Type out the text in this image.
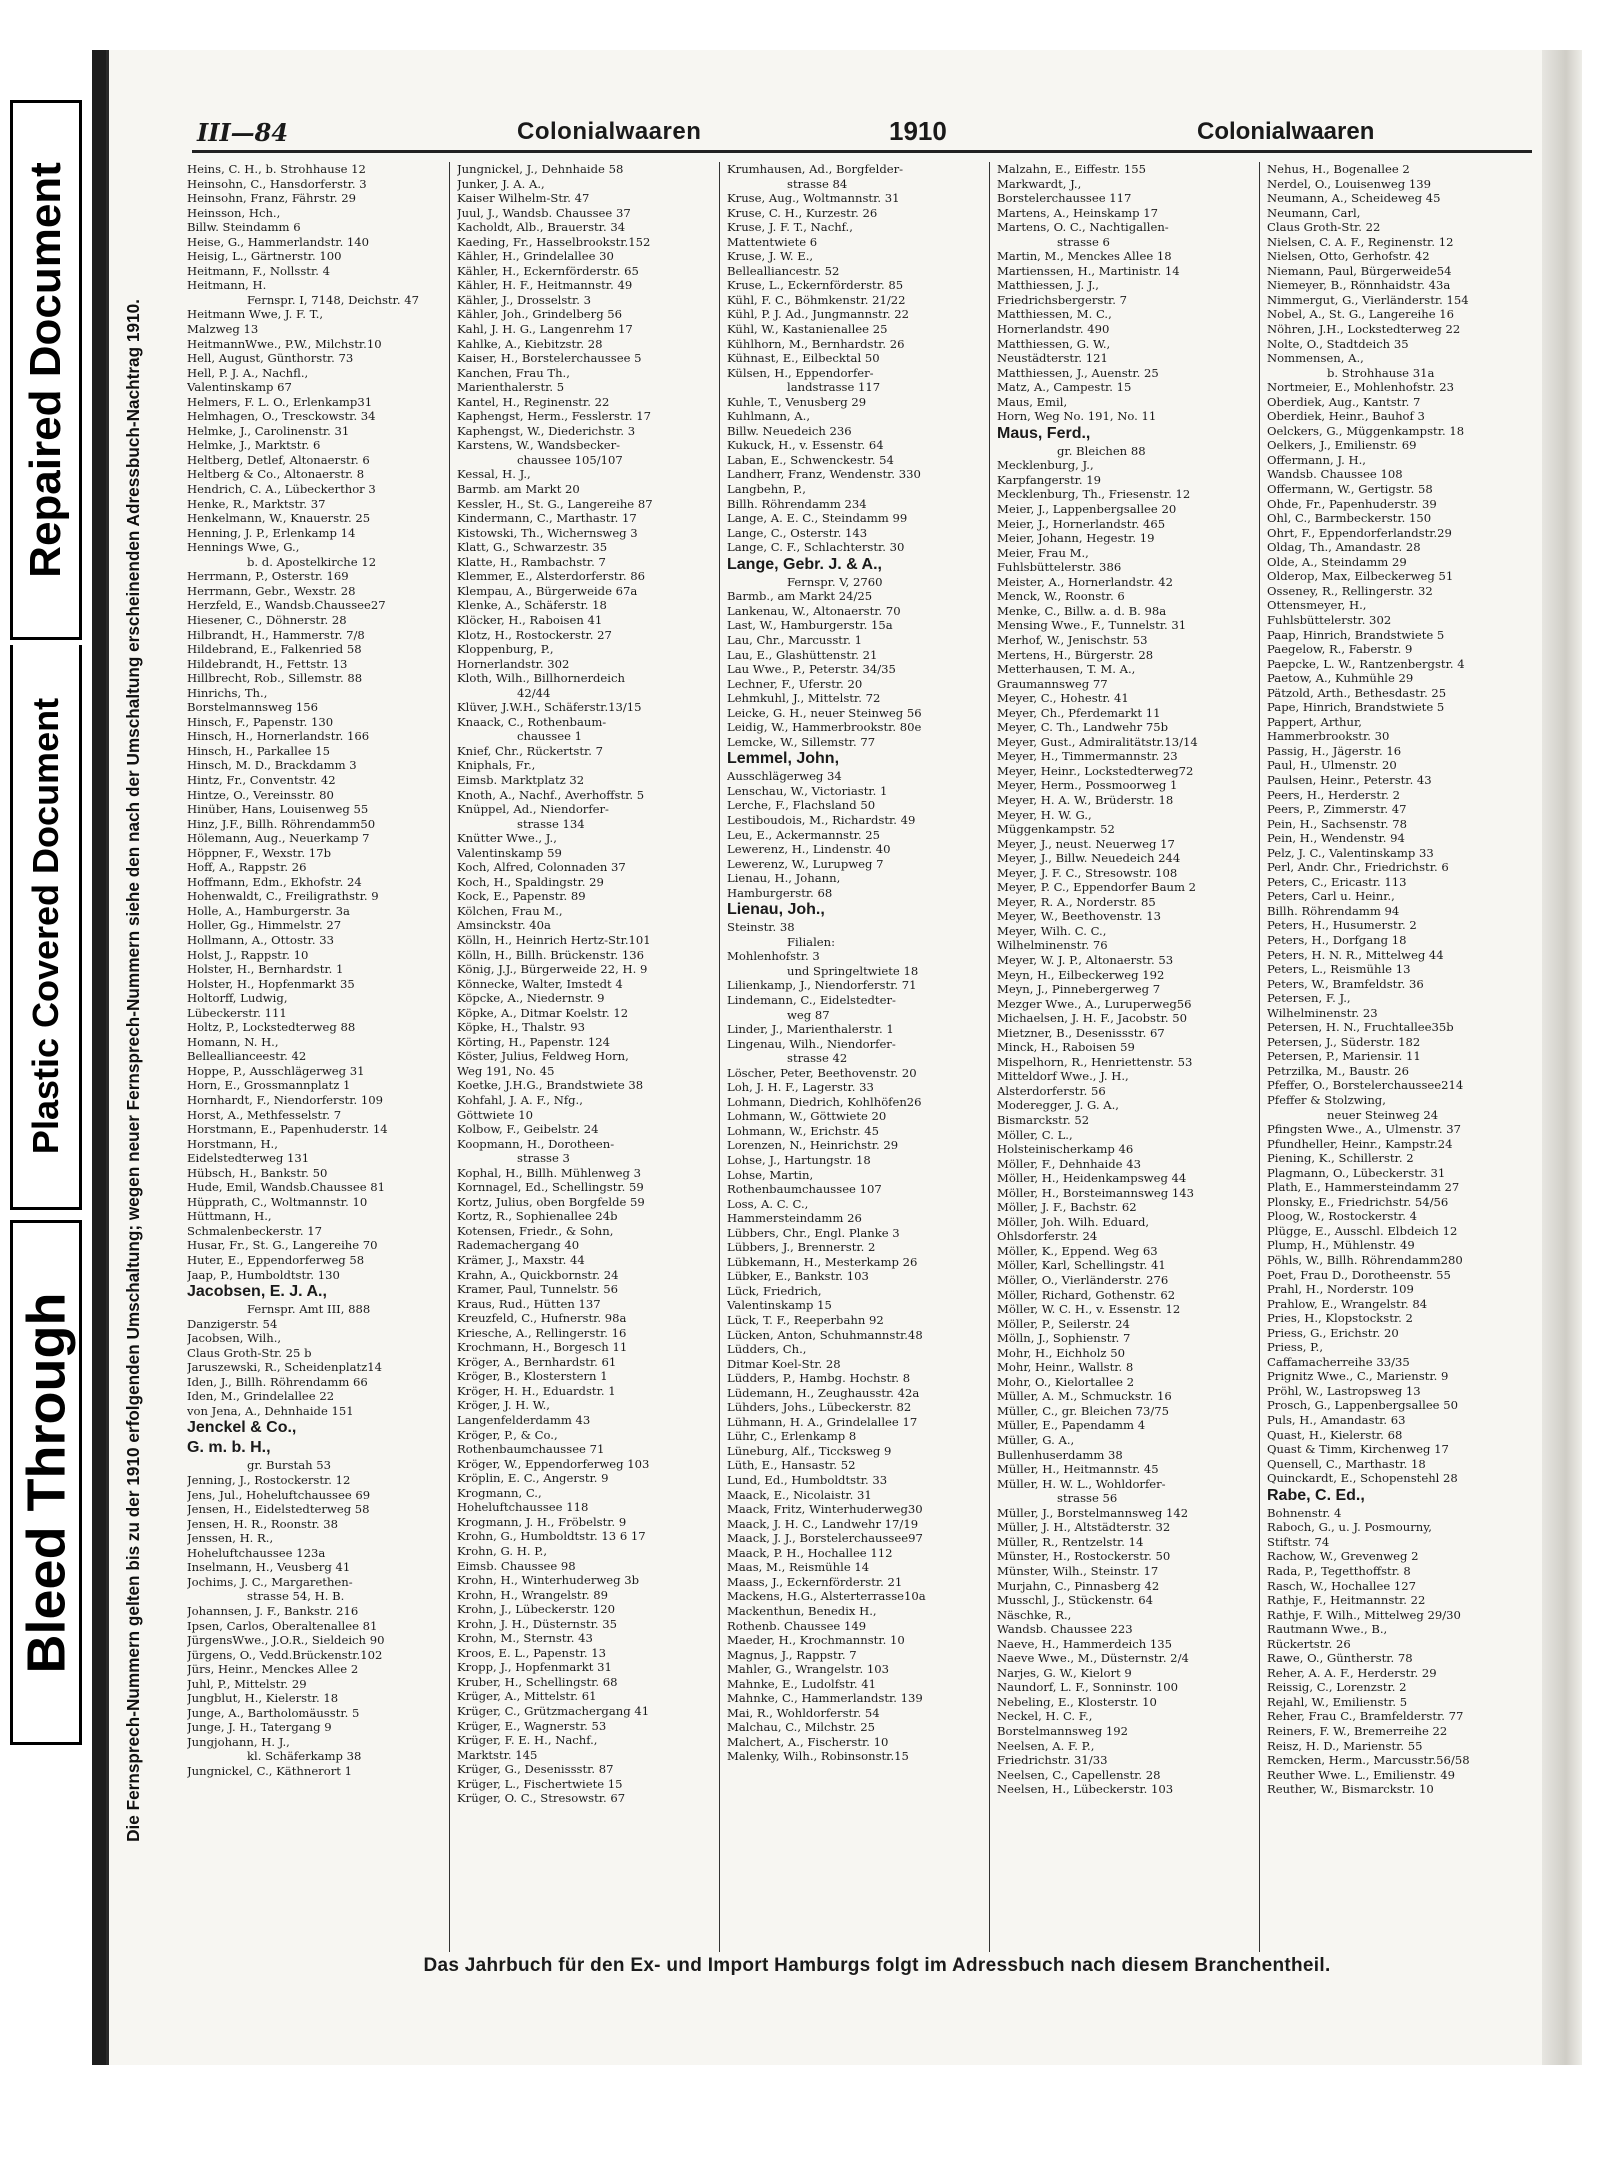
Repaired Document
Plastic Covered Document
Bleed Through
III—84	Colonialwaaren	1910	Colonialwaaren
Die Fernsprech-Nummern gelten bis zu der 1910 erfolgenden Umschaltung; wegen neuer Fernsprech-Nummern siehe den nach der Umschaltung erscheinenden Adressbuch-Nachtrag 1910.
Heins, C. H., b. Strohhause 12
Heinsohn, C., Hansdorferstr. 3
Heinsohn, Franz, Fährstr. 29
Heinsson, Hch.,
Billw. Steindamm 6
Heise, G., Hammerlandstr. 140
Heisig, L., Gärtnerstr. 100
Heitmann, F., Nollsstr. 4
Heitmann, H.
Fernspr. I, 7148, Deichstr. 47
Heitmann Wwe, J. F. T.,
Malzweg 13
HeitmannWwe., P.W., Milchstr.10
Hell, August, Günthorstr. 73
Hell, P. J. A., Nachfl.,
Valentinskamp 67
Helmers, F. L. O., Erlenkamp31
Helmhagen, O., Tresckowstr. 34
Helmke, J., Carolinenstr. 31
Helmke, J., Marktstr. 6
Heltberg, Detlef, Altonaerstr. 6
Heltberg & Co., Altonaerstr. 8
Hendrich, C. A., Lübeckerthor 3
Henke, R., Marktstr. 37
Henkelmann, W., Knauerstr. 25
Henning, J. P., Erlenkamp 14
Hennings Wwe, G.,
b. d. Apostelkirche 12
Herrmann, P., Osterstr. 169
Herrmann, Gebr., Wexstr. 28
Herzfeld, E., Wandsb.Chaussee27
Hiesener, C., Döhnerstr. 28
Hilbrandt, H., Hammerstr. 7/8
Hildebrand, E., Falkenried 58
Hildebrandt, H., Fettstr. 13
Hillbrecht, Rob., Sillemstr. 88
Hinrichs, Th.,
Borstelmannsweg 156
Hinsch, F., Papenstr. 130
Hinsch, H., Hornerlandstr. 166
Hinsch, H., Parkallee 15
Hinsch, M. D., Brackdamm 3
Hintz, Fr., Conventstr. 42
Hintze, O., Vereinsstr. 80
Hinüber, Hans, Louisenweg 55
Hinz, J.F., Billh. Röhrendamm50
Hölemann, Aug., Neuerkamp 7
Höppner, F., Wexstr. 17b
Hoff, A., Rappstr. 26
Hoffmann, Edm., Ekhofstr. 24
Hohenwaldt, C., Freiligrathstr. 9
Holle, A., Hamburgerstr. 3a
Holler, Gg., Himmelstr. 27
Hollmann, A., Ottostr. 33
Holst, J., Rappstr. 10
Holster, H., Bernhardstr. 1
Holster, H., Hopfenmarkt 35
Holtorff, Ludwig,
Lübeckerstr. 111
Holtz, P., Lockstedterweg 88
Homann, N. H.,
Belleallianceestr. 42
Hoppe, P., Ausschlägerweg 31
Horn, E., Grossmannplatz 1
Hornhardt, F., Niendorferstr. 109
Horst, A., Methfesselstr. 7
Horstmann, E., Papenhuderstr. 14
Horstmann, H.,
Eidelstedterweg 131
Hübsch, H., Bankstr. 50
Hude, Emil, Wandsb.Chaussee 81
Hüpprath, C., Woltmannstr. 10
Hüttmann, H.,
Schmalenbeckerstr. 17
Husar, Fr., St. G., Langereihe 70
Huter, E., Eppendorferweg 58
Jaap, P., Humboldtstr. 130
Jacobsen, E. J. A.,
Fernspr. Amt III, 888
Danzigerstr. 54
Jacobsen, Wilh.,
Claus Groth-Str. 25 b
Jaruszewski, R., Scheidenplatz14
Iden, J., Billh. Röhrendamm 66
Iden, M., Grindelallee 22
von Jena, A., Dehnhaide 151
Jenckel & Co.,
G. m. b. H.,
gr. Burstah 53
Jenning, J., Rostockerstr. 12
Jens, Jul., Hoheluftchaussee 69
Jensen, H., Eidelstedterweg 58
Jensen, H. R., Roonstr. 38
Jenssen, H. R.,
Hoheluftchaussee 123a
Inselmann, H., Veusberg 41
Jochims, J. C., Margarethen-
strasse 54, H. B.
Johannsen, J. F., Bankstr. 216
Ipsen, Carlos, Oberaltenallee 81
JürgensWwe., J.O.R., Sieldeich 90
Jürgens, O., Vedd.Brückenstr.102
Jürs, Heinr., Menckes Allee 2
Juhl, P., Mittelstr. 29
Jungblut, H., Kielerstr. 18
Junge, A., Bartholomäusstr. 5
Junge, J. H., Tatergang 9
Jungjohann, H. J.,
kl. Schäferkamp 38
Jungnickel, C., Käthnerort 1
Jungnickel, J., Dehnhaide 58
Junker, J. A. A.,
Kaiser Wilhelm-Str. 47
Juul, J., Wandsb. Chaussee 37
Kacholdt, Alb., Brauerstr. 34
Kaeding, Fr., Hasselbrookstr.152
Kähler, H., Grindelallee 30
Kähler, H., Eckernförderstr. 65
Kähler, H. F., Heitmannstr. 49
Kähler, J., Drosselstr. 3
Kähler, Joh., Grindelberg 56
Kahl, J. H. G., Langenrehm 17
Kahlke, A., Kiebitzstr. 28
Kaiser, H., Borstelerchaussee 5
Kanchen, Frau Th.,
Marienthalerstr. 5
Kantel, H., Reginenstr. 22
Kaphengst, Herm., Fesslerstr. 17
Kaphengst, W., Diederichstr. 3
Karstens, W., Wandsbecker-
chaussee 105/107
Kessal, H. J.,
Barmb. am Markt 20
Kessler, H., St. G., Langereihe 87
Kindermann, C., Marthastr. 17
Kistowski, Th., Wichernsweg 3
Klatt, G., Schwarzestr. 35
Klatte, H., Rambachstr. 7
Klemmer, E., Alsterdorferstr. 86
Klempau, A., Bürgerweide 67a
Klenke, A., Schäferstr. 18
Klöcker, H., Raboisen 41
Klotz, H., Rostockerstr. 27
Kloppenburg, P.,
Hornerlandstr. 302
Kloth, Wilh., Billhornerdeich
42/44
Klüver, J.W.H., Schäferstr.13/15
Knaack, C., Rothenbaum-
chaussee 1
Knief, Chr., Rückertstr. 7
Kniphals, Fr.,
Eimsb. Marktplatz 32
Knoth, A., Nachf., Averhoffstr. 5
Knüppel, Ad., Niendorfer-
strasse 134
Knütter Wwe., J.,
Valentinskamp 59
Koch, Alfred, Colonnaden 37
Koch, H., Spaldingstr. 29
Kock, E., Papenstr. 89
Kölchen, Frau M.,
Amsinckstr. 40a
Kölln, H., Heinrich Hertz-Str.101
Kölln, H., Billh. Brückenstr. 136
König, J.J., Bürgerweide 22, H. 9
Könnecke, Walter, Imstedt 4
Köpcke, A., Niedernstr. 9
Köpke, A., Ditmar Koelstr. 12
Köpke, H., Thalstr. 93
Körting, H., Papenstr. 124
Köster, Julius, Feldweg Horn,
Weg 191, No. 45
Koetke, J.H.G., Brandstwiete 38
Kohfahl, J. A. F., Nfg.,
Göttwiete 10
Kolbow, F., Geibelstr. 24
Koopmann, H., Dorotheen-
strasse 3
Kophal, H., Billh. Mühlenweg 3
Kornnagel, Ed., Schellingstr. 59
Kortz, Julius, oben Borgfelde 59
Kortz, R., Sophienallee 24b
Kotensen, Friedr., & Sohn,
Rademachergang 40
Krämer, J., Maxstr. 44
Krahn, A., Quickbornstr. 24
Kramer, Paul, Tunnelstr. 56
Kraus, Rud., Hütten 137
Kreuzfeld, C., Hufnerstr. 98a
Kriesche, A., Rellingerstr. 16
Krochmann, H., Borgesch 11
Kröger, A., Bernhardstr. 61
Kröger, B., Klosterstern 1
Kröger, H. H., Eduardstr. 1
Kröger, J. H. W.,
Langenfelderdamm 43
Kröger, P., & Co.,
Rothenbaumchaussee 71
Kröger, W., Eppendorferweg 103
Kröplin, E. C., Angerstr. 9
Krogmann, C.,
Hoheluftchaussee 118
Krogmann, J. H., Fröbelstr. 9
Krohn, G., Humboldtstr. 13 6 17
Krohn, G. H. P.,
Eimsb. Chaussee 98
Krohn, H., Winterhuderweg 3b
Krohn, H., Wrangelstr. 89
Krohn, J., Lübeckerstr. 120
Krohn, J. H., Düsternstr. 35
Krohn, M., Sternstr. 43
Kroos, E. L., Papenstr. 13
Kropp, J., Hopfenmarkt 31
Kruber, H., Schellingstr. 68
Krüger, A., Mittelstr. 61
Krüger, C., Grützmachergang 41
Krüger, E., Wagnerstr. 53
Krüger, F. E. H., Nachf.,
Marktstr. 145
Krüger, G., Desenissstr. 87
Krüger, L., Fischertwiete 15
Krüger, O. C., Stresowstr. 67
Krumhausen, Ad., Borgfelder-
strasse 84
Kruse, Aug., Woltmannstr. 31
Kruse, C. H., Kurzestr. 26
Kruse, J. F. T., Nachf.,
Mattentwiete 6
Kruse, J. W. E.,
Bellealliancestr. 52
Kruse, L., Eckernförderstr. 85
Kühl, F. C., Böhmkenstr. 21/22
Kühl, P. J. Ad., Jungmannstr. 22
Kühl, W., Kastanienallee 25
Kühlhorn, M., Bernhardstr. 26
Kühnast, E., Eilbecktal 50
Külsen, H., Eppendorfer-
landstrasse 117
Kuhle, T., Venusberg 29
Kuhlmann, A.,
Billw. Neuedeich 236
Kukuck, H., v. Essenstr. 64
Laban, E., Schwenckestr. 54
Landherr, Franz, Wendenstr. 330
Langbehn, P.,
Billh. Röhrendamm 234
Lange, A. E. C., Steindamm 99
Lange, C., Osterstr. 143
Lange, C. F., Schlachterstr. 30
Lange, Gebr. J. & A.,
Fernspr. V, 2760
Barmb., am Markt 24/25
Lankenau, W., Altonaerstr. 70
Last, W., Hamburgerstr. 15a
Lau, Chr., Marcusstr. 1
Lau, E., Glashüttenstr. 21
Lau Wwe., P., Peterstr. 34/35
Lechner, F., Uferstr. 20
Lehmkuhl, J., Mittelstr. 72
Leicke, G. H., neuer Steinweg 56
Leidig, W., Hammerbrookstr. 80e
Lemcke, W., Sillemstr. 77
Lemmel, John,
Ausschlägerweg 34
Lenschau, W., Victoriastr. 1
Lerche, F., Flachsland 50
Lestiboudois, M., Richardstr. 49
Leu, E., Ackermannstr. 25
Lewerenz, H., Lindenstr. 40
Lewerenz, W., Lurupweg 7
Lienau, H., Johann,
Hamburgerstr. 68
Lienau, Joh.,
Steinstr. 38
Filialen:
Mohlenhofstr. 3
und Springeltwiete 18
Lilienkamp, J., Niendorferstr. 71
Lindemann, C., Eidelstedter-
weg 87
Linder, J., Marienthalerstr. 1
Lingenau, Wilh., Niendorfer-
strasse 42
Löscher, Peter, Beethovenstr. 20
Loh, J. H. F., Lagerstr. 33
Lohmann, Diedrich, Kohlhöfen26
Lohmann, W., Göttwiete 20
Lohmann, W., Erichstr. 45
Lorenzen, N., Heinrichstr. 29
Lohse, J., Hartungstr. 18
Lohse, Martin,
Rothenbaumchaussee 107
Loss, A. C. C.,
Hammersteindamm 26
Lübbers, Chr., Engl. Planke 3
Lübbers, J., Brennerstr. 2
Lübkemann, H., Mesterkamp 26
Lübker, E., Bankstr. 103
Lück, Friedrich,
Valentinskamp 15
Lück, T. F., Reeperbahn 92
Lücken, Anton, Schuhmannstr.48
Lüdders, Ch.,
Ditmar Koel-Str. 28
Lüdders, P., Hambg. Hochstr. 8
Lüdemann, H., Zeughausstr. 42a
Lühders, Johs., Lübeckerstr. 82
Lühmann, H. A., Grindelallee 17
Lühr, C., Erlenkamp 8
Lüneburg, Alf., Ticcksweg 9
Lüth, E., Hansastr. 52
Lund, Ed., Humboldtstr. 33
Maack, E., Nicolaistr. 31
Maack, Fritz, Winterhuderweg30
Maack, J. H. C., Landwehr 17/19
Maack, J. J., Borstelerchaussee97
Maack, P. H., Hochallee 112
Maas, M., Reismühle 14
Maass, J., Eckernförderstr. 21
Mackens, H.G., Alsterterrasse10a
Mackenthun, Benedix H.,
Rothenb. Chaussee 149
Maeder, H., Krochmannstr. 10
Magnus, J., Rappstr. 7
Mahler, G., Wrangelstr. 103
Mahnke, E., Ludolfstr. 41
Mahnke, C., Hammerlandstr. 139
Mai, R., Wohldorferstr. 54
Malchau, C., Milchstr. 25
Malchert, A., Fischerstr. 10
Malenky, Wilh., Robinsonstr.15
Malzahn, E., Eiffestr. 155
Markwardt, J.,
Borstelerchaussee 117
Martens, A., Heinskamp 17
Martens, O. C., Nachtigallen-
strasse 6
Martin, M., Menckes Allee 18
Martienssen, H., Martinistr. 14
Matthiessen, J. J.,
Friedrichsbergerstr. 7
Matthiessen, M. C.,
Hornerlandstr. 490
Matthiessen, G. W.,
Neustädterstr. 121
Matthiessen, J., Auenstr. 25
Matz, A., Campestr. 15
Maus, Emil,
Horn, Weg No. 191, No. 11
Maus, Ferd.,
gr. Bleichen 88
Mecklenburg, J.,
Karpfangerstr. 19
Mecklenburg, Th., Friesenstr. 12
Meier, J., Lappenbergsallee 20
Meier, J., Hornerlandstr. 465
Meier, Johann, Hegestr. 19
Meier, Frau M.,
Fuhlsbüttelerstr. 386
Meister, A., Hornerlandstr. 42
Menck, W., Roonstr. 6
Menke, C., Billw. a. d. B. 98a
Mensing Wwe., F., Tunnelstr. 31
Merhof, W., Jenischstr. 53
Mertens, H., Bürgerstr. 28
Metterhausen, T. M. A.,
Graumannsweg 77
Meyer, C., Hohestr. 41
Meyer, Ch., Pferdemarkt 11
Meyer, C. Th., Landwehr 75b
Meyer, Gust., Admiralitätstr.13/14
Meyer, H., Timmermannstr. 23
Meyer, Heinr., Lockstedterweg72
Meyer, Herm., Possmoorweg 1
Meyer, H. A. W., Brüderstr. 18
Meyer, H. W. G.,
Müggenkampstr. 52
Meyer, J., neust. Neuerweg 17
Meyer, J., Billw. Neuedeich 244
Meyer, J. F. C., Stresowstr. 108
Meyer, P. C., Eppendorfer Baum 2
Meyer, R. A., Norderstr. 85
Meyer, W., Beethovenstr. 13
Meyer, Wilh. C. C.,
Wilhelminenstr. 76
Meyer, W. J. P., Altonaerstr. 53
Meyn, H., Eilbeckerweg 192
Meyn, J., Pinnebergerweg 7
Mezger Wwe., A., Luruperweg56
Michaelsen, J. H. F., Jacobstr. 50
Mietzner, B., Desenissstr. 67
Minck, H., Raboisen 59
Mispelhorn, R., Henriettenstr. 53
Mitteldorf Wwe., J. H.,
Alsterdorferstr. 56
Moderegger, J. G. A.,
Bismarckstr. 52
Möller, C. L.,
Holsteinischerkamp 46
Möller, F., Dehnhaide 43
Möller, H., Heidenkampsweg 44
Möller, H., Borsteimannsweg 143
Möller, J. F., Bachstr. 62
Möller, Joh. Wilh. Eduard,
Ohlsdorferstr. 24
Möller, K., Eppend. Weg 63
Möller, Karl, Schellingstr. 41
Möller, O., Vierländerstr. 276
Möller, Richard, Gothenstr. 62
Möller, W. C. H., v. Essenstr. 12
Möller, P., Seilerstr. 24
Mölln, J., Sophienstr. 7
Mohr, H., Eichholz 50
Mohr, Heinr., Wallstr. 8
Mohr, O., Kielortallee 2
Müller, A. M., Schmuckstr. 16
Müller, C., gr. Bleichen 73/75
Müller, E., Papendamm 4
Müller, G. A.,
Bullenhuserdamm 38
Müller, H., Heitmannstr. 45
Müller, H. W. L., Wohldorfer-
strasse 56
Müller, J., Borstelmannsweg 142
Müller, J. H., Altstädterstr. 32
Müller, R., Rentzelstr. 14
Münster, H., Rostockerstr. 50
Münster, Wilh., Steinstr. 17
Murjahn, C., Pinnasberg 42
Musschl, J., Stückenstr. 64
Näschke, R.,
Wandsb. Chaussee 223
Naeve, H., Hammerdeich 135
Naeve Wwe., M., Düsternstr. 2/4
Narjes, G. W., Kielort 9
Naundorf, L. F., Sonninstr. 100
Nebeling, E., Klosterstr. 10
Neckel, H. C. F.,
Borstelmannsweg 192
Neelsen, A. F. P.,
Friedrichstr. 31/33
Neelsen, C., Capellenstr. 28
Neelsen, H., Lübeckerstr. 103
Nehus, H., Bogenallee 2
Nerdel, O., Louisenweg 139
Neumann, A., Scheideweg 45
Neumann, Carl,
Claus Groth-Str. 22
Nielsen, C. A. F., Reginenstr. 12
Nielsen, Otto, Gerhofstr. 42
Niemann, Paul, Bürgerweide54
Niemeyer, B., Rönnhaidstr. 43a
Nimmergut, G., Vierländerstr. 154
Nobel, A., St. G., Langereihe 16
Nöhren, J.H., Lockstedterweg 22
Nolte, O., Stadtdeich 35
Nommensen, A.,
b. Strohhause 31a
Nortmeier, E., Mohlenhofstr. 23
Oberdiek, Aug., Kantstr. 7
Oberdiek, Heinr., Bauhof 3
Oelckers, G., Müggenkampstr. 18
Oelkers, J., Emilienstr. 69
Offermann, J. H.,
Wandsb. Chaussee 108
Offermann, W., Gertigstr. 58
Ohde, Fr., Papenhuderstr. 39
Ohl, C., Barmbeckerstr. 150
Ohrt, F., Eppendorferlandstr.29
Oldag, Th., Amandastr. 28
Olde, A., Steindamm 29
Olderop, Max, Eilbeckerweg 51
Osseney, R., Rellingerstr. 32
Ottensmeyer, H.,
Fuhlsbüttelerstr. 302
Paap, Hinrich, Brandstwiete 5
Paegelow, R., Faberstr. 9
Paepcke, L. W., Rantzenbergstr. 4
Paetow, A., Kuhmühle 29
Pätzold, Arth., Bethesdastr. 25
Pape, Hinrich, Brandstwiete 5
Pappert, Arthur,
Hammerbrookstr. 30
Passig, H., Jägerstr. 16
Paul, H., Ulmenstr. 20
Paulsen, Heinr., Peterstr. 43
Peers, H., Herderstr. 2
Peers, P., Zimmerstr. 47
Pein, H., Sachsenstr. 78
Pein, H., Wendenstr. 94
Pelz, J. C., Valentinskamp 33
Perl, Andr. Chr., Friedrichstr. 6
Peters, C., Ericastr. 113
Peters, Carl u. Heinr.,
Billh. Röhrendamm 94
Peters, H., Husumerstr. 2
Peters, H., Dorfgang 18
Peters, H. N. R., Mittelweg 44
Peters, L., Reismühle 13
Peters, W., Bramfeldstr. 36
Petersen, F. J.,
Wilhelminenstr. 23
Petersen, H. N., Fruchtallee35b
Petersen, J., Süderstr. 182
Petersen, P., Mariensir. 11
Petrzilka, M., Baustr. 26
Pfeffer, O., Borstelerchaussee214
Pfeffer & Stolzwing,
neuer Steinweg 24
Pfingsten Wwe., A., Ulmenstr. 37
Pfundheller, Heinr., Kampstr.24
Piening, K., Schillerstr. 2
Plagmann, O., Lübeckerstr. 31
Plath, E., Hammersteindamm 27
Plonsky, E., Friedrichstr. 54/56
Ploog, W., Rostockerstr. 4
Plügge, E., Ausschl. Elbdeich 12
Plump, H., Mühlenstr. 49
Pöhls, W., Billh. Röhrendamm280
Poet, Frau D., Dorotheenstr. 55
Prahl, H., Norderstr. 109
Prahlow, E., Wrangelstr. 84
Pries, H., Klopstockstr. 2
Priess, G., Erichstr. 20
Priess, P.,
Caffamacherreihe 33/35
Prignitz Wwe., C., Marienstr. 9
Pröhl, W., Lastropsweg 13
Prosch, G., Lappenbergsallee 50
Puls, H., Amandastr. 63
Quast, H., Kielerstr. 68
Quast & Timm, Kirchenweg 17
Quensell, C., Marthastr. 18
Quinckardt, E., Schopenstehl 28
Rabe, C. Ed.,
Bohnenstr. 4
Raboch, G., u. J. Posmourny,
Stiftstr. 74
Rachow, W., Grevenweg 2
Rada, P., Tegetthoffstr. 8
Rasch, W., Hochallee 127
Rathje, F., Heitmannstr. 22
Rathje, F. Wilh., Mittelweg 29/30
Rautmann Wwe., B.,
Rückertstr. 26
Rawe, O., Güntherstr. 78
Reher, A. A. F., Herderstr. 29
Reissig, C., Lorenzstr. 2
Rejahl, W., Emilienstr. 5
Reher, Frau C., Bramfelderstr. 77
Reiners, F. W., Bremerreihe 22
Reisz, H. D., Marienstr. 55
Remcken, Herm., Marcusstr.56/58
Reuther Wwe. L., Emilienstr. 49
Reuther, W., Bismarckstr. 10
Das Jahrbuch für den Ex- und Import Hamburgs folgt im Adressbuch nach diesem Branchentheil.
